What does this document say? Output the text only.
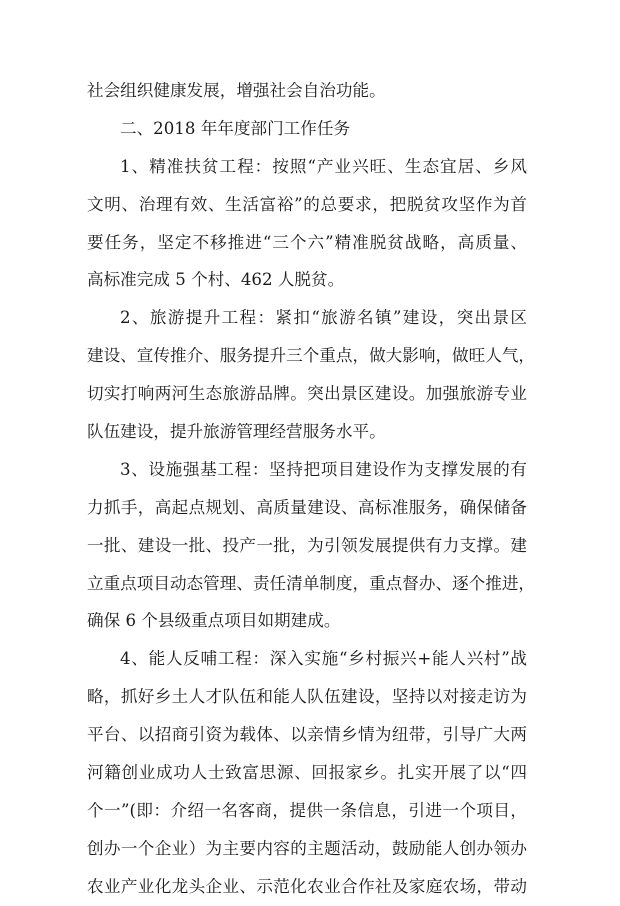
社会组织健康发展，增强社会自治功能。
二、2018 年年度部门工作任务
1、精准扶贫工程：按照“产业兴旺、生态宜居、乡风
文明、治理有效、生活富裕”的总要求，把脱贫攻坚作为首
要任务，坚定不移推进“三个六”精准脱贫战略，高质量、
高标准完成 5 个村、462 人脱贫。
2、旅游提升工程：紧扣“旅游名镇”建设，突出景区
建设、宣传推介、服务提升三个重点，做大影响，做旺人气，
切实打响两河生态旅游品牌。突出景区建设。加强旅游专业
队伍建设，提升旅游管理经营服务水平。
3、设施强基工程：坚持把项目建设作为支撑发展的有
力抓手，高起点规划、高质量建设、高标准服务，确保储备
一批、建设一批、投产一批，为引领发展提供有力支撑。建
立重点项目动态管理、责任清单制度，重点督办、逐个推进，
确保 6 个县级重点项目如期建成。
4、能人反哺工程：深入实施“乡村振兴+能人兴村”战
略，抓好乡土人才队伍和能人队伍建设，坚持以对接走访为
平台、以招商引资为载体、以亲情乡情为纽带，引导广大两
河籍创业成功人士致富思源、回报家乡。扎实开展了以“四
个一”(即：介绍一名客商，提供一条信息，引进一个项目，
创办一个企业）为主要内容的主题活动，鼓励能人创办领办
农业产业化龙头企业、示范化农业合作社及家庭农场，带动
